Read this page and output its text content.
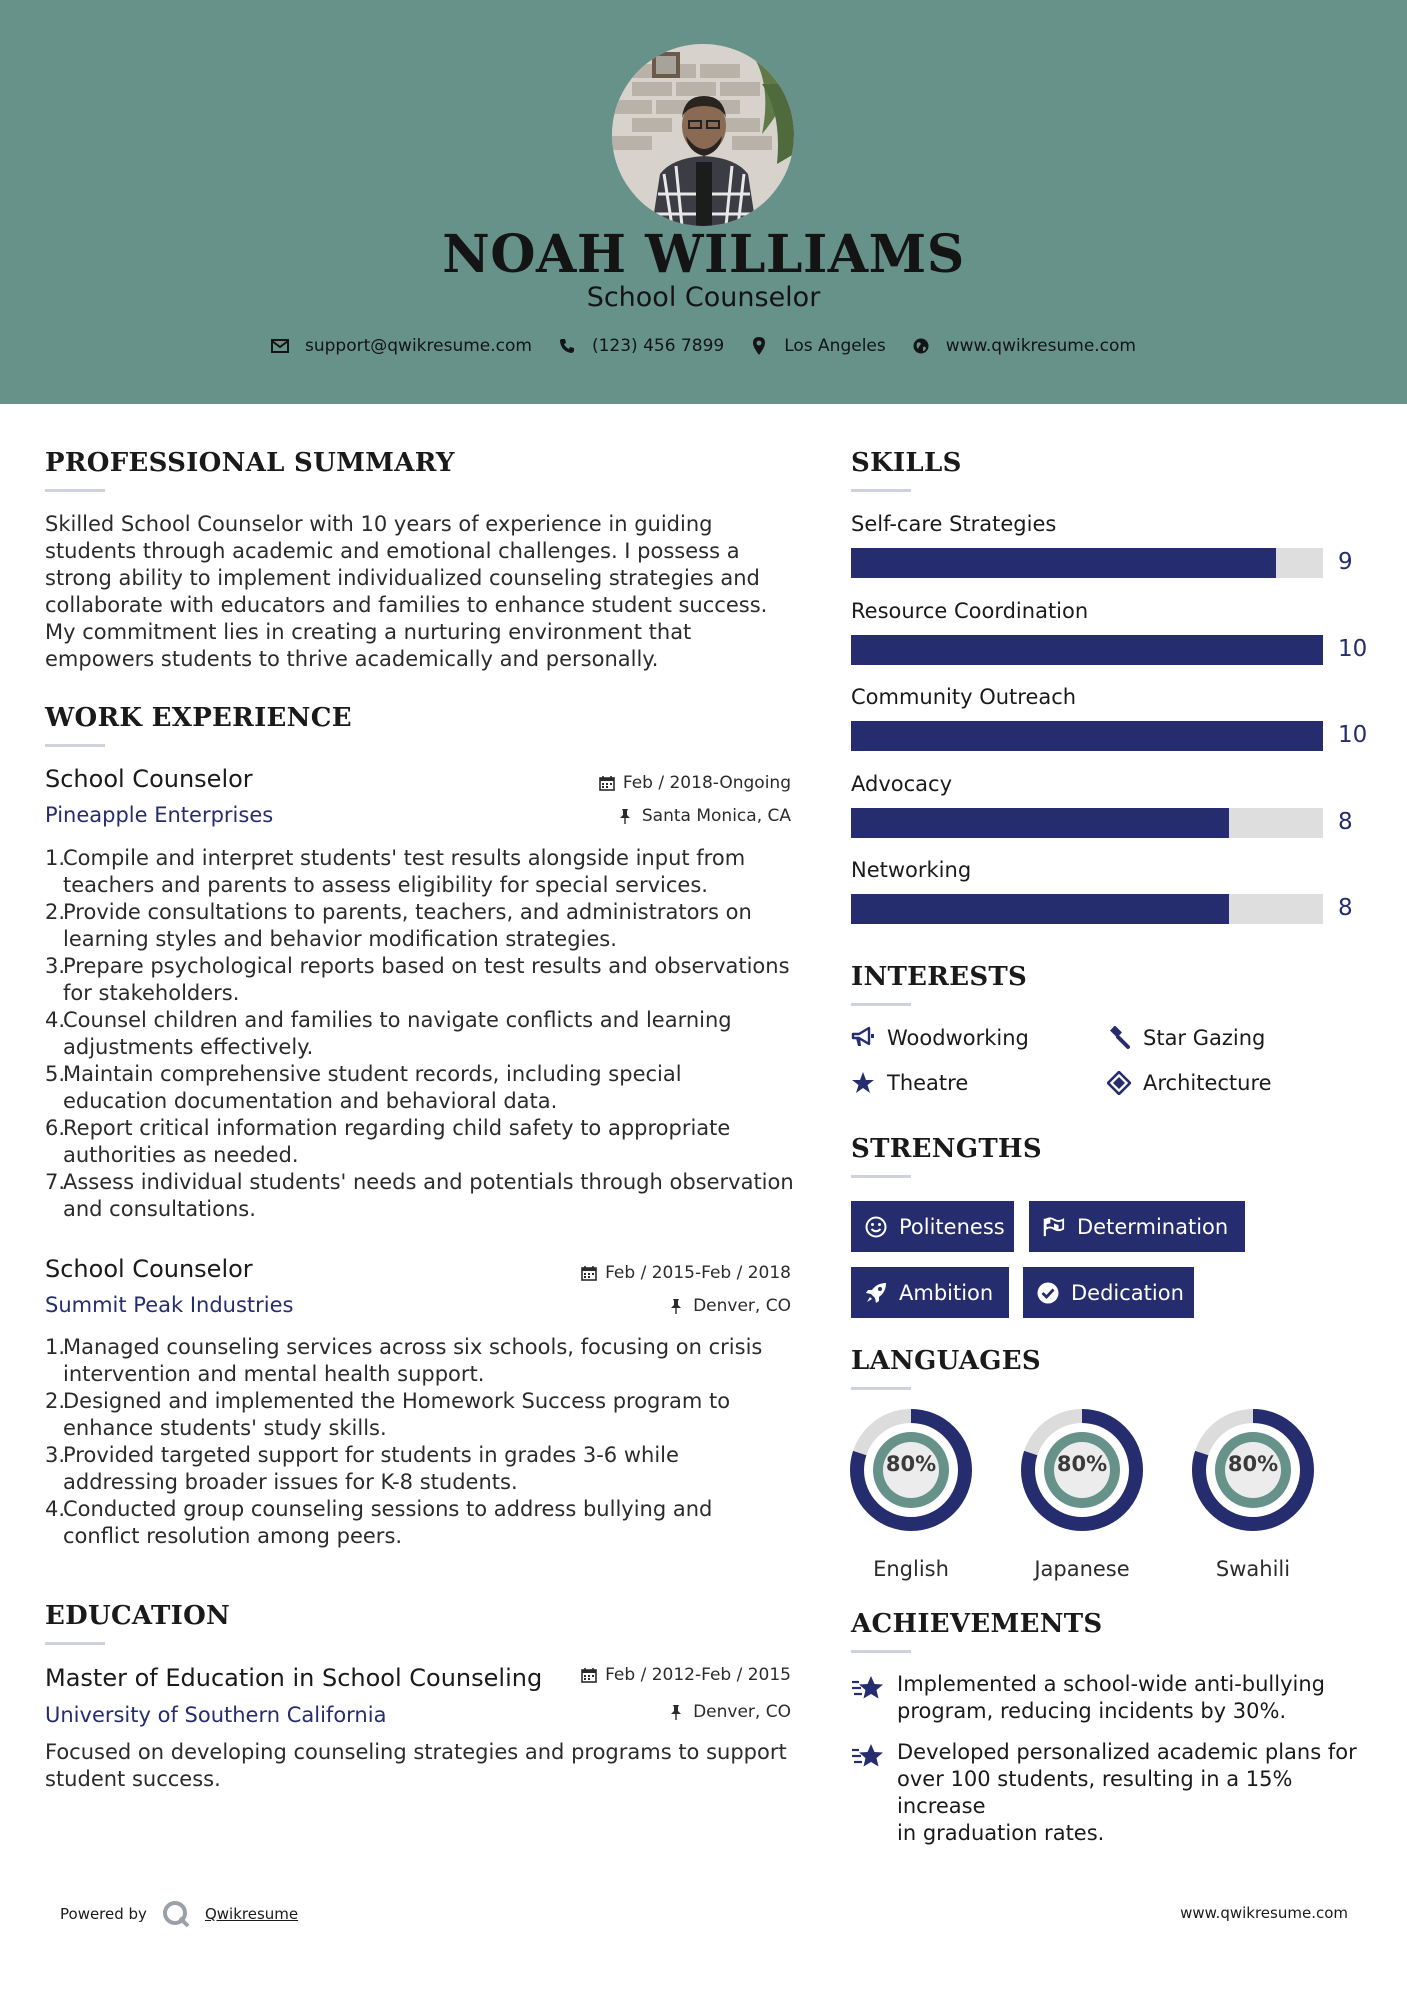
NOAH WILLIAMS
School Counselor
support@qwikresume.com	(123) 456 7899	Los Angeles	www.qwikresume.com
PROFESSIONAL SUMMARY
Skilled School Counselor with 10 years of experience in guiding
students through academic and emotional challenges. I possess a
strong ability to implement individualized counseling strategies and
collaborate with educators and families to enhance student success.
My commitment lies in creating a nurturing environment that
empowers students to thrive academically and personally.
WORK EXPERIENCE
School Counselor
Pineapple Enterprises
Feb / 2018-Ongoing
Santa Monica, CA
1.
Compile and interpret students' test results alongside input from
teachers and parents to assess eligibility for special services.
2.
Provide consultations to parents, teachers, and administrators on
learning styles and behavior modification strategies.
3.
Prepare psychological reports based on test results and observations
for stakeholders.
4.
Counsel children and families to navigate conflicts and learning
adjustments effectively.
5.
Maintain comprehensive student records, including special
education documentation and behavioral data.
6.
Report critical information regarding child safety to appropriate
authorities as needed.
7.
Assess individual students' needs and potentials through observation
and consultations.
School Counselor
Summit Peak Industries
Feb / 2015-Feb / 2018
Denver, CO
1.
Managed counseling services across six schools, focusing on crisis
intervention and mental health support.
2.
Designed and implemented the Homework Success program to
enhance students' study skills.
3.
Provided targeted support for students in grades 3-6 while
addressing broader issues for K-8 students.
4.
Conducted group counseling sessions to address bullying and
conflict resolution among peers.
EDUCATION
Master of Education in School Counseling
University of Southern California
Feb / 2012-Feb / 2015
Denver, CO
Focused on developing counseling strategies and programs to support
student success.
SKILLS
Self-care Strategies
9
Resource Coordination
10
Community Outreach
10
Advocacy
8
Networking
8
INTERESTS
Woodworking	Star Gazing
Theatre	Architecture
STRENGTHS
Politeness	Determination
Ambition	Dedication
LANGUAGES
80%
English
80%
Japanese
80%
Swahili
ACHIEVEMENTS
Implemented a school-wide anti-bullying
program, reducing incidents by 30%.
Developed personalized academic plans for
over 100 students, resulting in a 15% increase
in graduation rates.
Powered by	Qwikresume	www.qwikresume.com
